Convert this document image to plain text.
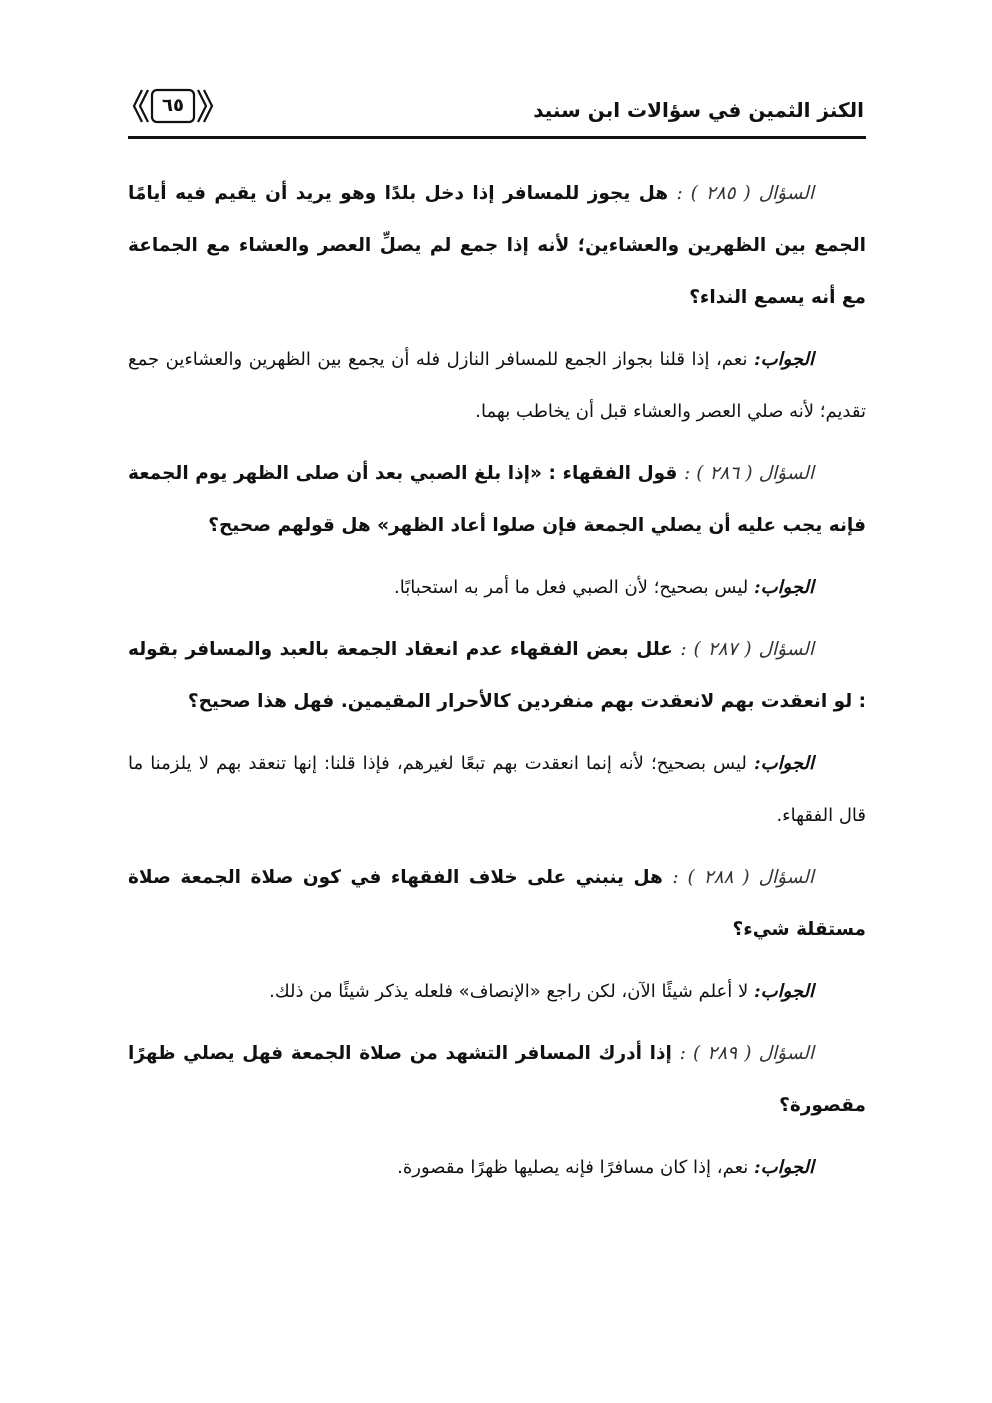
الكنز الثمين في سؤالات ابن سنيد
٦٥

السؤال ( ٢٨٥ ) : هل يجوز للمسافر إذا دخل بلدًا وهو يريد أن يقيم فيه أيامًا الجمع بين الظهرين والعشاءين؛ لأنه إذا جمع لم يصلِّ العصر والعشاء مع الجماعة مع أنه يسمع النداء؟

الجواب: نعم، إذا قلنا بجواز الجمع للمسافر النازل فله أن يجمع بين الظهرين والعشاءين جمع تقديم؛ لأنه صلي العصر والعشاء قبل أن يخاطب بهما.

السؤال ( ٢٨٦ ) : قول الفقهاء : «إذا بلغ الصبي بعد أن صلى الظهر يوم الجمعة فإنه يجب عليه أن يصلي الجمعة فإن صلوا أعاد الظهر» هل قولهم صحيح؟

الجواب: ليس بصحيح؛ لأن الصبي فعل ما أمر به استحبابًا.

السؤال ( ٢٨٧ ) : علل بعض الفقهاء عدم انعقاد الجمعة بالعبد والمسافر بقوله : لو انعقدت بهم لانعقدت بهم منفردين كالأحرار المقيمين. فهل هذا صحيح؟

الجواب: ليس بصحيح؛ لأنه إنما انعقدت بهم تبعًا لغيرهم، فإذا قلنا: إنها تنعقد بهم لا يلزمنا ما قال الفقهاء.

السؤال ( ٢٨٨ ) : هل ينبني على خلاف الفقهاء في كون صلاة الجمعة صلاة مستقلة شيء؟

الجواب: لا أعلم شيئًا الآن، لكن راجع «الإنصاف» فلعله يذكر شيئًا من ذلك.

السؤال ( ٢٨٩ ) : إذا أدرك المسافر التشهد من صلاة الجمعة فهل يصلي ظهرًا مقصورة؟

الجواب: نعم، إذا كان مسافرًا فإنه يصليها ظهرًا مقصورة.
